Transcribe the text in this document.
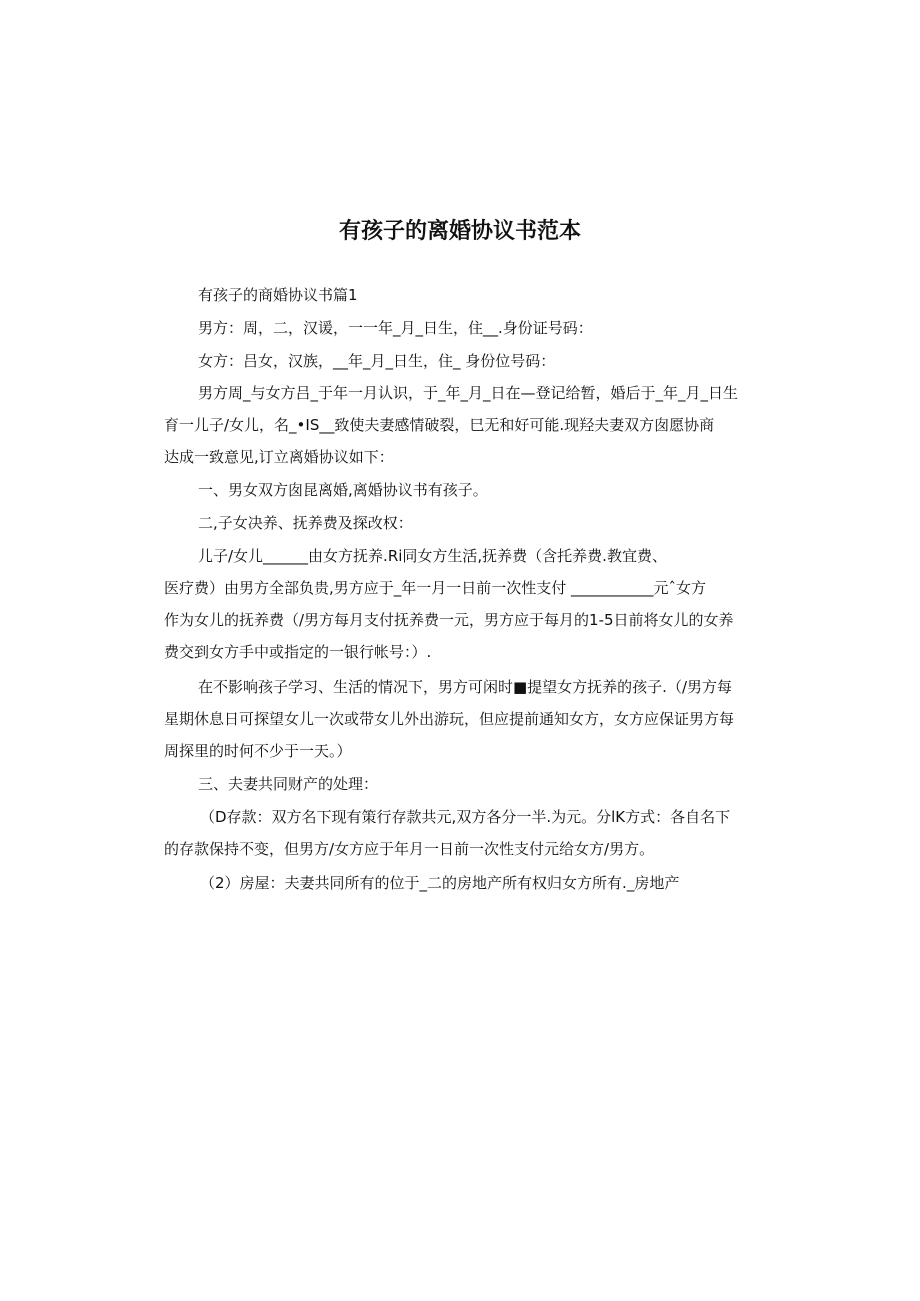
有孩子的离婚协议书范本
有孩子的商婚协议书篇1
男方：周，二，汉谖，一一年_月_日生，住__.身份证号码：
女方：吕女，汉族，__年_月_日生，住_ 身份位号码：
男方周_与女方吕_于年一月认识，于_年_月_日在—登记给暂，婚后于_年_月_日生
育一儿子/女儿，名_•IS__致使夫妻感情破裂，巳无和好可能.现羟夫妻双方囱愿协商
达成一致意见,订立离婚协议如下：
一、男女双方囱昆离婚,离婚协议书有孩子。
二,子女决养、抚养费及探改权：
儿子/女儿______由女方抚养.Ri同女方生活,抚养费（含托养费.教宜费、
医疗费）由男方全部负贵,男方应于_年一月一日前一次性支付 ___________元ˆ女方
作为女儿的抚养费（/男方每月支付抚养费一元，男方应于每月的1-5日前将女儿的女养
费交到女方手中或指定的一银行帐号：）.
在不影响孩子学习、生活的情况下，男方可闲时■提望女方抚养的孩子.（/男方每
星期休息日可探望女儿一次或带女儿外出游玩，但应提前通知女方，女方应保证男方每
周探里的时何不少于一天。）
三、夫妻共同财产的处理：
（D存款：双方名下现有策行存款共元,双方各分一半.为元。分lK方式：各自名下
的存款保持不变，但男方/女方应于年月一日前一次性支付元给女方/男方。
（2）房屋：夫妻共同所有的位于_二的房地产所有权归女方所有._房地产
